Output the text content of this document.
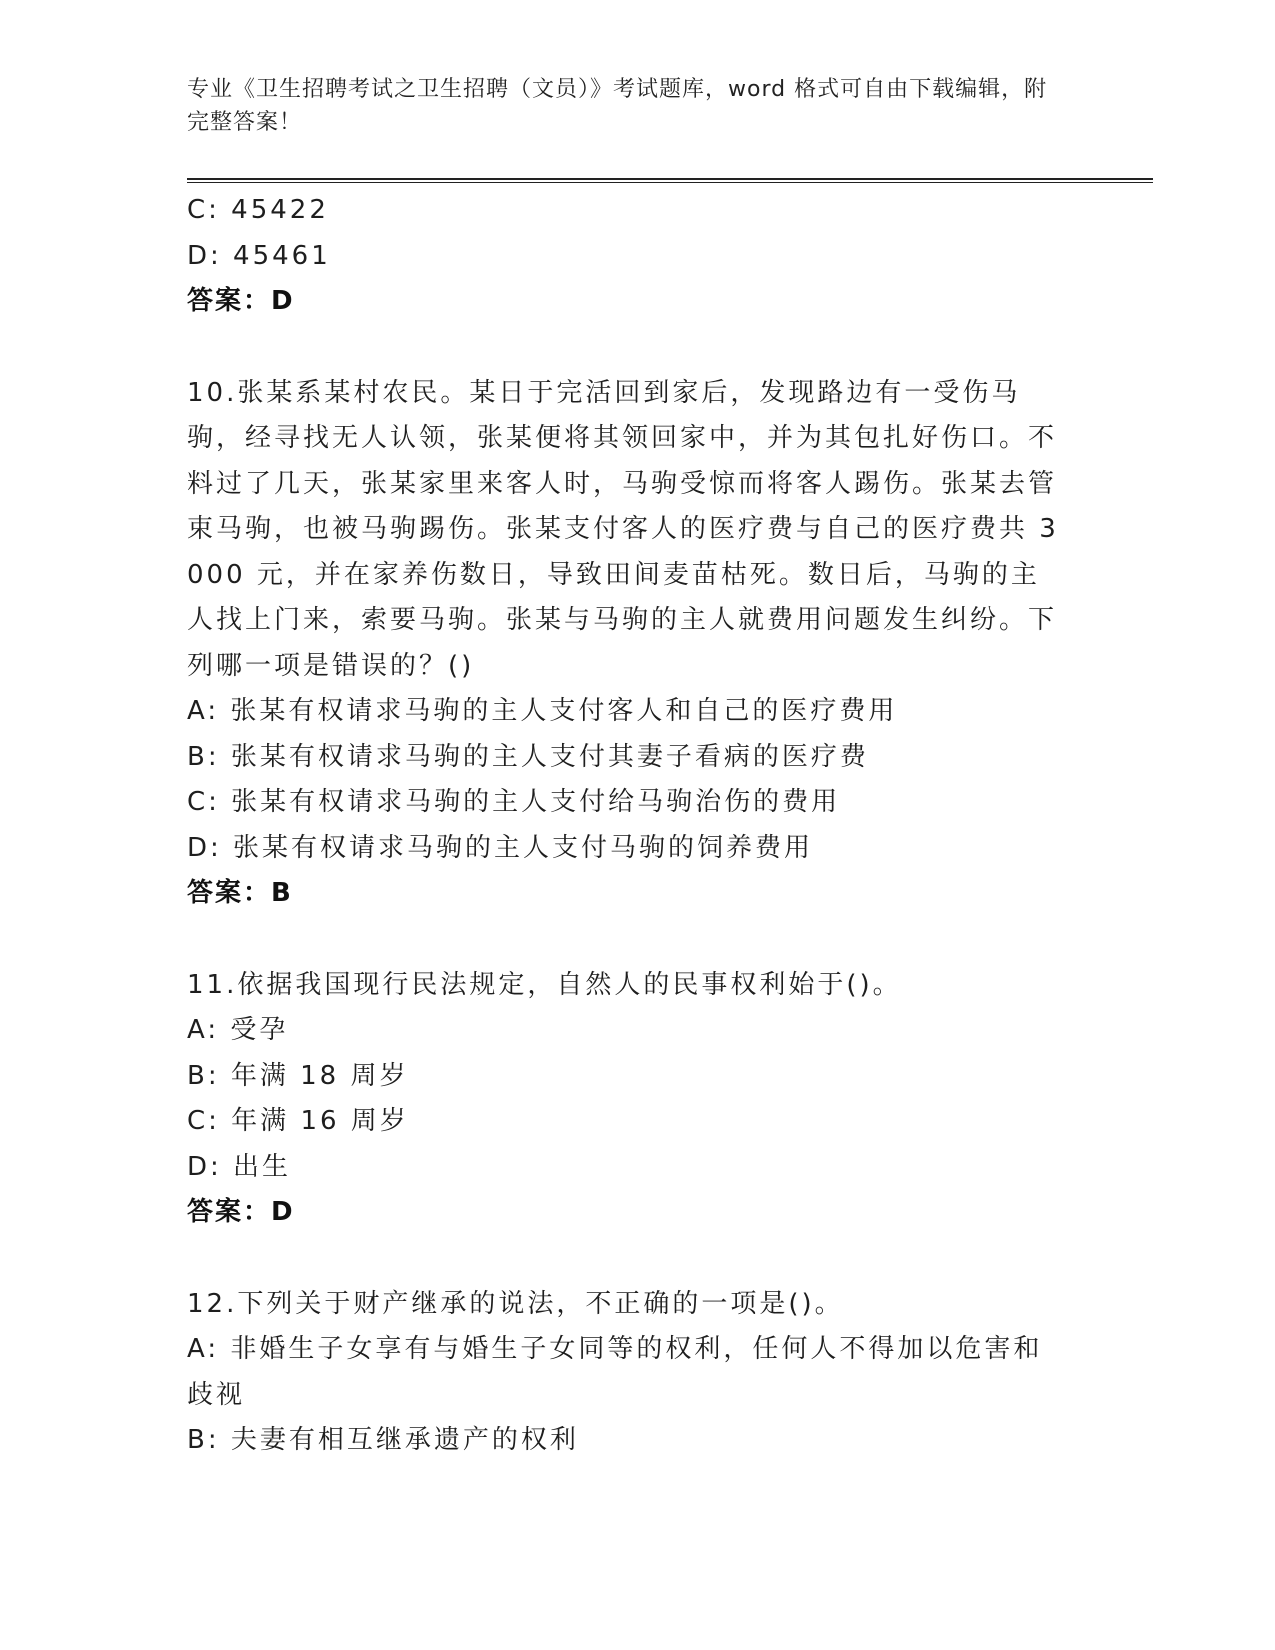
专业《卫生招聘考试之卫生招聘（文员）》考试题库，word 格式可自由下载编辑，附完整答案！

C: 45422

D: 45461

答案：D

10.张某系某村农民。某日于完活回到家后，发现路边有一受伤马驹，经寻找无人认领，张某便将其领回家中，并为其包扎好伤口。不料过了几天，张某家里来客人时，马驹受惊而将客人踢伤。张某去管束马驹，也被马驹踢伤。张某支付客人的医疗费与自己的医疗费共 3000 元，并在家养伤数日，导致田间麦苗枯死。数日后，马驹的主人找上门来，索要马驹。张某与马驹的主人就费用问题发生纠纷。下列哪一项是错误的？()

A: 张某有权请求马驹的主人支付客人和自己的医疗费用

B: 张某有权请求马驹的主人支付其妻子看病的医疗费

C: 张某有权请求马驹的主人支付给马驹治伤的费用

D: 张某有权请求马驹的主人支付马驹的饲养费用

答案：B

11.依据我国现行民法规定，自然人的民事权利始于()。

A: 受孕

B: 年满 18 周岁

C: 年满 16 周岁

D: 出生

答案：D

12.下列关于财产继承的说法，不正确的一项是()。

A: 非婚生子女享有与婚生子女同等的权利，任何人不得加以危害和歧视

B: 夫妻有相互继承遗产的权利
